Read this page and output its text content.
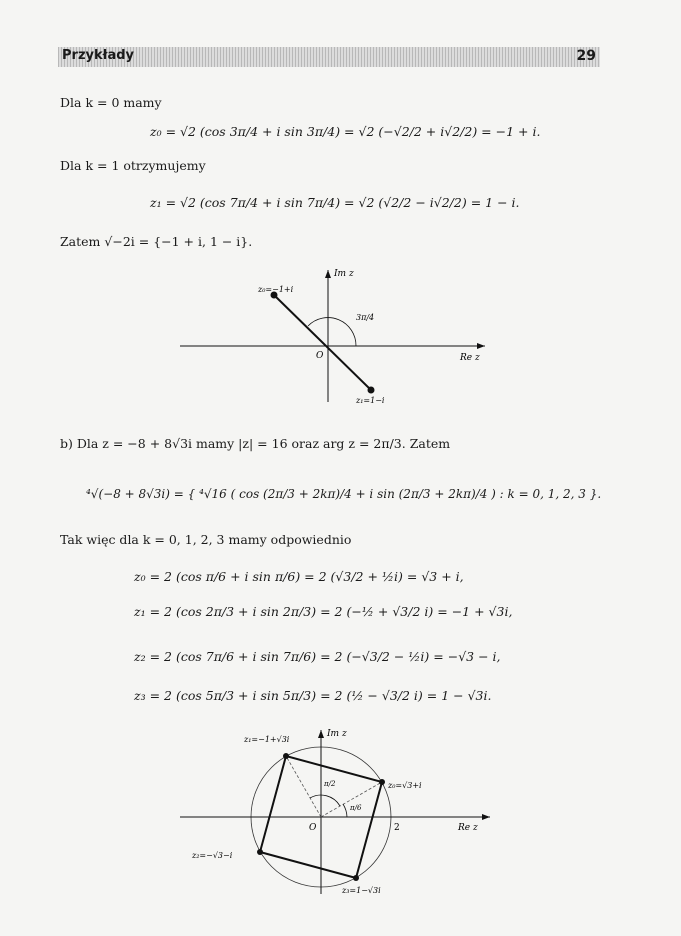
Przykłady	29
Dla k = 0 mamy
z₀ = √2 (cos 3π/4 + i sin 3π/4) = √2 (−√2/2 + i√2/2) = −1 + i.
Dla k = 1 otrzymujemy
z₁ = √2 (cos 7π/4 + i sin 7π/4) = √2 (√2/2 − i√2/2) = 1 − i.
Zatem √−2i = {−1 + i, 1 − i}.
Im z
Re z
O
z₀=−1+i
z₁=1−i
3π/4
b) Dla z = −8 + 8√3i mamy |z| = 16 oraz arg z = 2π/3. Zatem
⁴√(−8 + 8√3i) = { ⁴√16 ( cos (2π/3 + 2kπ)/4 + i sin (2π/3 + 2kπ)/4 ) : k = 0, 1, 2, 3 }.
Tak więc dla k = 0, 1, 2, 3 mamy odpowiednio
z₀ = 2 (cos π/6 + i sin π/6) = 2 (√3/2 + ½i) = √3 + i,
z₁ = 2 (cos 2π/3 + i sin 2π/3) = 2 (−½ + √3/2 i) = −1 + √3i,
z₂ = 2 (cos 7π/6 + i sin 7π/6) = 2 (−√3/2 − ½i) = −√3 − i,
z₃ = 2 (cos 5π/3 + i sin 5π/3) = 2 (½ − √3/2 i) = 1 − √3i.
Im z
Re z
O	2
z₀=√3+i
z₁=−1+√3i
z₂=−√3−i
z₃=1−√3i
π/2
π/6
